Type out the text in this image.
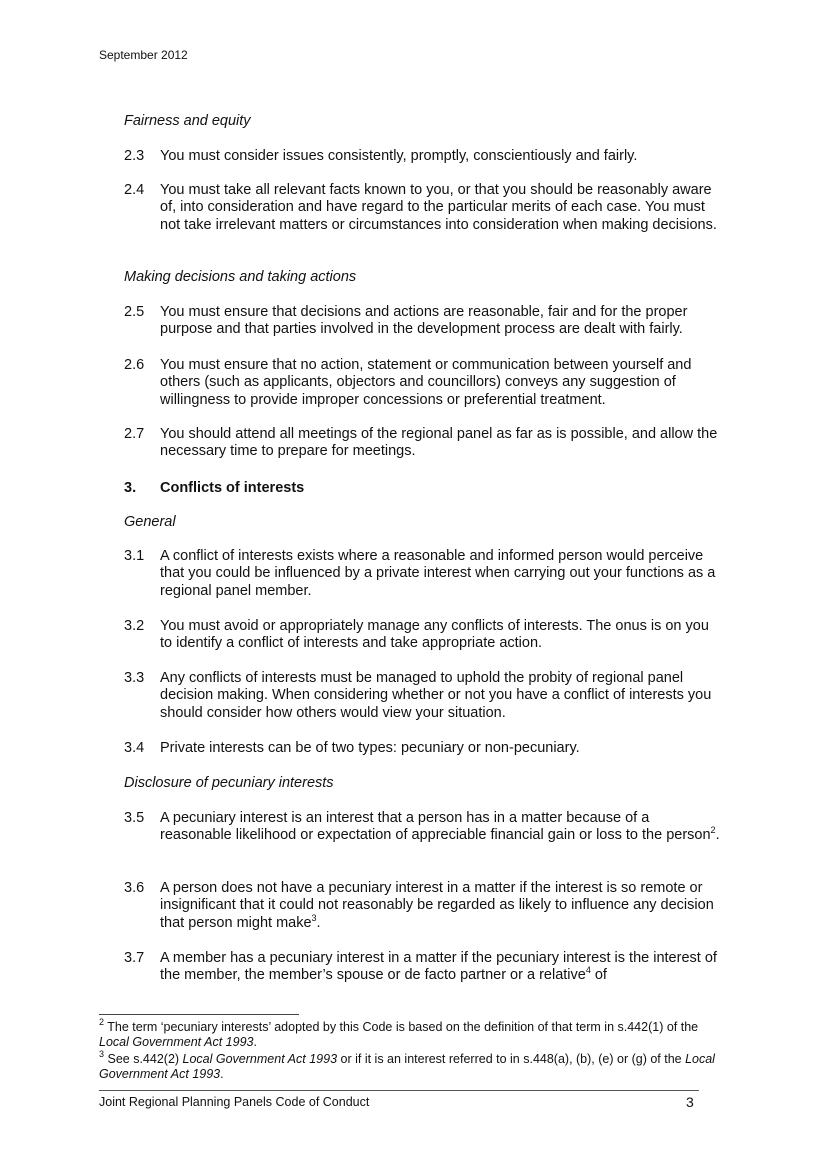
September 2012
Fairness and equity
2.3	You must consider issues consistently, promptly, conscientiously and fairly.
2.4	You must take all relevant facts known to you, or that you should be reasonably aware of, into consideration and have regard to the particular merits of each case. You must not take irrelevant matters or circumstances into consideration when making decisions.
Making decisions and taking actions
2.5	You must ensure that decisions and actions are reasonable, fair and for the proper purpose and that parties involved in the development process are dealt with fairly.
2.6	You must ensure that no action, statement or communication between yourself and others (such as applicants, objectors and councillors) conveys any suggestion of willingness to provide improper concessions or preferential treatment.
2.7	You should attend all meetings of the regional panel as far as is possible, and allow the necessary time to prepare for meetings.
3. Conflicts of interests
General
3.1	A conflict of interests exists where a reasonable and informed person would perceive that you could be influenced by a private interest when carrying out your functions as a regional panel member.
3.2	You must avoid or appropriately manage any conflicts of interests. The onus is on you to identify a conflict of interests and take appropriate action.
3.3	Any conflicts of interests must be managed to uphold the probity of regional panel decision making. When considering whether or not you have a conflict of interests you should consider how others would view your situation.
3.4	Private interests can be of two types: pecuniary or non-pecuniary.
Disclosure of pecuniary interests
3.5	A pecuniary interest is an interest that a person has in a matter because of a reasonable likelihood or expectation of appreciable financial gain or loss to the person$^2$.
3.6	A person does not have a pecuniary interest in a matter if the interest is so remote or insignificant that it could not reasonably be regarded as likely to influence any decision that person might make$^3$.
3.7	A member has a pecuniary interest in a matter if the pecuniary interest is the interest of the member, the member’s spouse or de facto partner or a relative$^4$ of
$^2$ The term ‘pecuniary interests’ adopted by this Code is based on the definition of that term in s.442(1) of the Local Government Act 1993.
$^3$ See s.442(2) Local Government Act 1993 or if it is an interest referred to in s.448(a), (b), (e) or (g) of the Local Government Act 1993.
Joint Regional Planning Panels Code of Conduct	3
